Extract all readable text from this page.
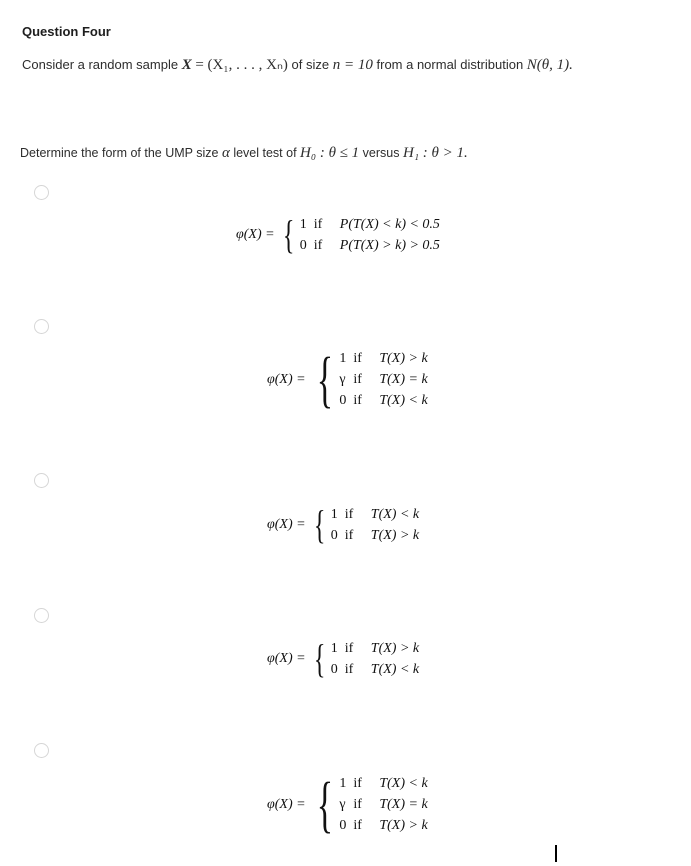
Question Four
Consider a random sample X = (X₁, . . . , Xₙ) of size n = 10 from a normal distribution N(θ, 1).
Determine the form of the UMP size α level test of H₀ : θ ≤ 1 versus H₁ : θ > 1.
φ(X) = { 1 if	P(T(X) < k) < 0.5
0 if	P(T(X) > k) > 0.5
φ(X) = { 1 if	T(X) > k
γ if	T(X) = k
0 if	T(X) < k
φ(X) = { 1 if	T(X) < k
0 if	T(X) > k
φ(X) = { 1 if	T(X) > k
0 if	T(X) < k
φ(X) = { 1 if	T(X) < k
γ if	T(X) = k
0 if	T(X) > k
